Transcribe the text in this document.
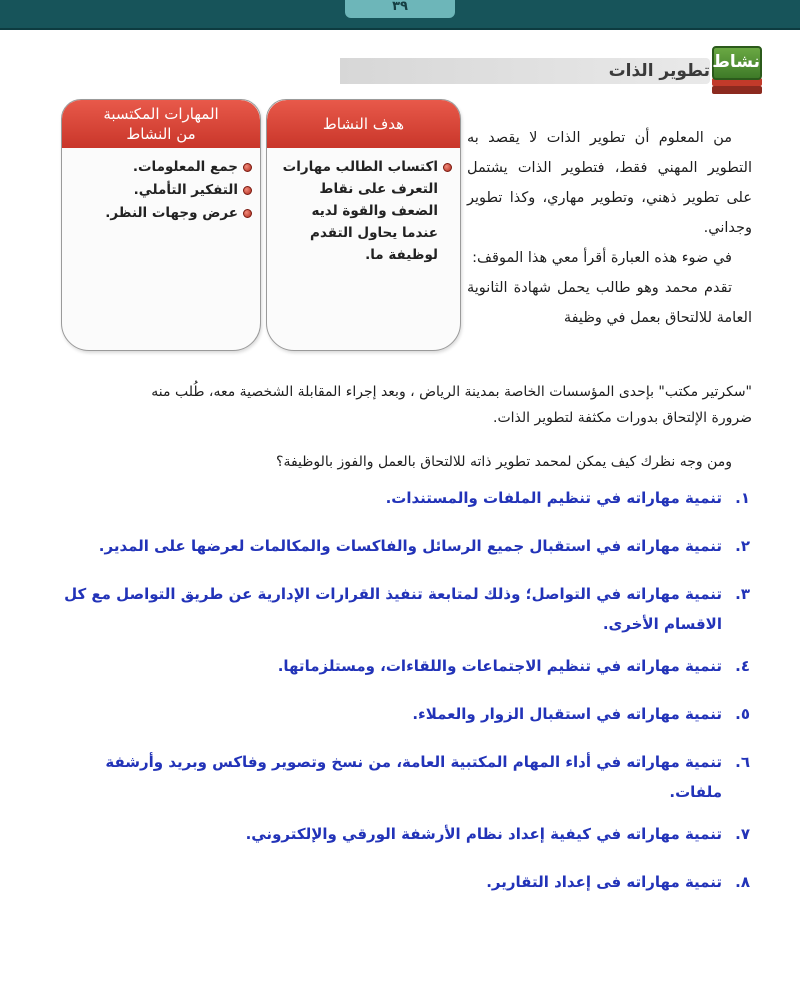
٣٩
تطوير الذات نشاط
هدف النشاط
اكتساب الطالب مهارات التعرف على نقاط الضعف والقوة لديه عندما يحاول التقدم لوظيفة ما.
المهارات المكتسبة
من النشاط
جمع المعلومات.
التفكير التأملي.
عرض وجهات النظر.

من المعلوم أن تطوير الذات لا يقصد به التطوير المهني فقط، فتطوير الذات يشتمل على تطوير ذهني، وتطوير مهاري، وكذا تطوير وجداني.

في ضوء هذه العبارة أقرأ معي هذا الموقف:

تقدم محمد وهو طالب يحمل شهادة الثانوية العامة للالتحاق بعمل في وظيفة

"سكرتير مكتب" بإحدى المؤسسات الخاصة بمدينة الرياض ، وبعد إجراء المقابلة الشخصية معه، طُلب منه
ضرورة الإلتحاق بدورات مكثفة لتطوير الذات.
ومن وجه نظرك كيف يمكن لمحمد تطوير ذاته للالتحاق بالعمل والفوز بالوظيفة؟
١.
تنمية مهاراته في تنظيم الملفات والمستندات.
٢.
تنمية مهاراته في استقبال جميع الرسائل والفاكسات والمكالمات لعرضها على المدير.
٣.
تنمية مهاراته في التواصل؛ وذلك لمتابعة تنفيذ القرارات الإدارية عن طريق التواصل مع كل الاقسام الأخرى.
٤.
تنمية مهاراته في تنظيم الاجتماعات واللقاءات، ومستلزماتها.
٥.
تنمية مهاراته في استقبال الزوار والعملاء.
٦.
تنمية مهاراته في أداء المهام المكتبية العامة، من نسخ وتصوير وفاكس وبريد وأرشفة ملفات.
٧.
تنمية مهاراته في كيفية إعداد نظام الأرشفة الورقي والإلكتروني.
٨.
تنمية مهاراته فى إعداد التقارير.
